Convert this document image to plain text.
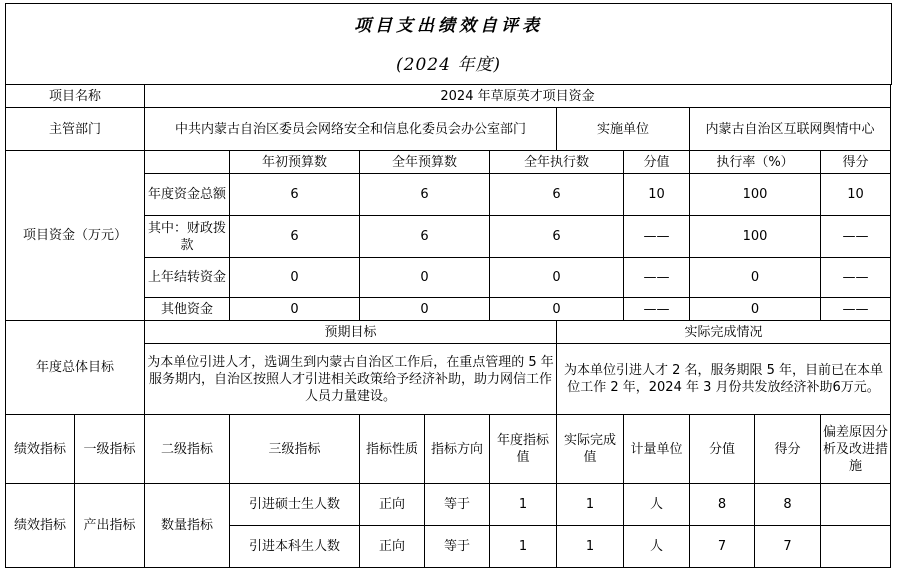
项目支出绩效自评表
(2024 年度)
项目名称		2024 年草原英才项目资金									
主管部门		中共内蒙古自治区委员会网络安全和信息化委员会办公室部门					实施单位		内蒙古自治区互联网舆情中心		
项目资金（万元）			年初预算数	全年预算数		全年执行数		分值	执行率（%）		得分
		年度资金总额	6	6		6		10	100		10
		其中：财政拨款	6	6		6		——	100		——
		上年结转资金	0	0		0		——	0		——
		其他资金	0	0		0		——	0		——
年度总体目标		预期目标					实际完成情况				
		为本单位引进人才，选调生到内蒙古自治区工作后，在重点管理的 5 年服务期内，自治区按照人才引进相关政策给予经济补助，助力网信工作人员力量建设。					为本单位引进人才 2 名，服务期限 5 年，目前已在本单位工作 2 年，2024 年 3 月份共发放经济补助6万元。				
绩效指标	一级指标	二级指标	三级指标	指标性质	指标方向	年度指标值	实际完成值	计量单位	分值	得分	偏差原因分析及改进措施
绩效指标	产出指标	数量指标	引进硕士生人数	正向	等于	1	1	人	8	8	
			引进本科生人数	正向	等于	1	1	人	7	7	
